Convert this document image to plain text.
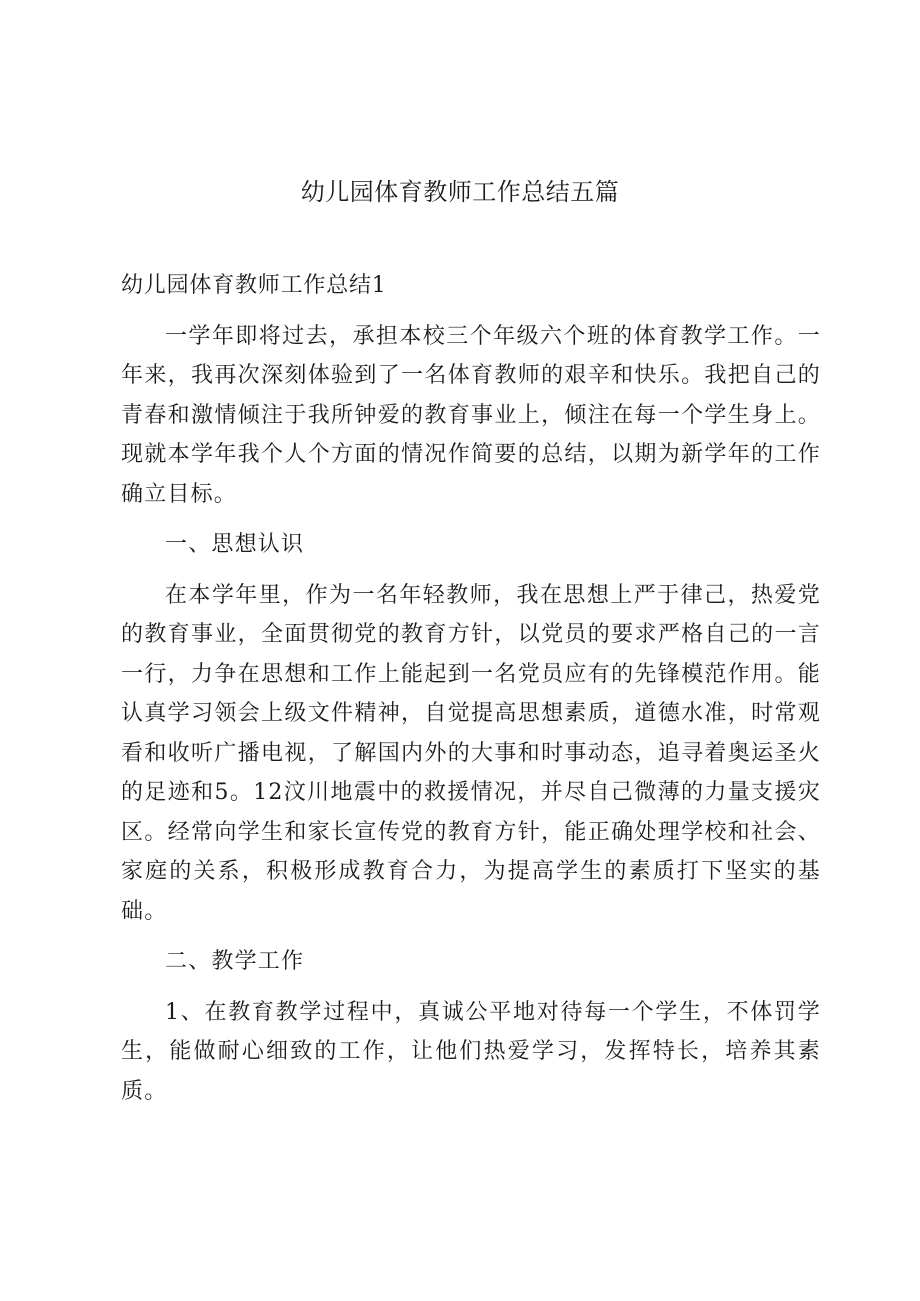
幼儿园体育教师工作总结五篇
幼儿园体育教师工作总结1

一学年即将过去，承担本校三个年级六个班的体育教学工作。一年来，我再次深刻体验到了一名体育教师的艰辛和快乐。我把自己的青春和激情倾注于我所钟爱的教育事业上，倾注在每一个学生身上。现就本学年我个人个方面的情况作简要的总结，以期为新学年的工作确立目标。

一、思想认识

在本学年里，作为一名年轻教师，我在思想上严于律己，热爱党的教育事业，全面贯彻党的教育方针，以党员的要求严格自己的一言一行，力争在思想和工作上能起到一名党员应有的先锋模范作用。能认真学习领会上级文件精神，自觉提高思想素质，道德水准，时常观看和收听广播电视，了解国内外的大事和时事动态，追寻着奥运圣火的足迹和5。12汶川地震中的救援情况，并尽自己微薄的力量支援灾区。经常向学生和家长宣传党的教育方针，能正确处理学校和社会、家庭的关系，积极形成教育合力，为提高学生的素质打下坚实的基础。

二、教学工作

1、在教育教学过程中，真诚公平地对待每一个学生，不体罚学生，能做耐心细致的工作，让他们热爱学习，发挥特长，培养其素质。
